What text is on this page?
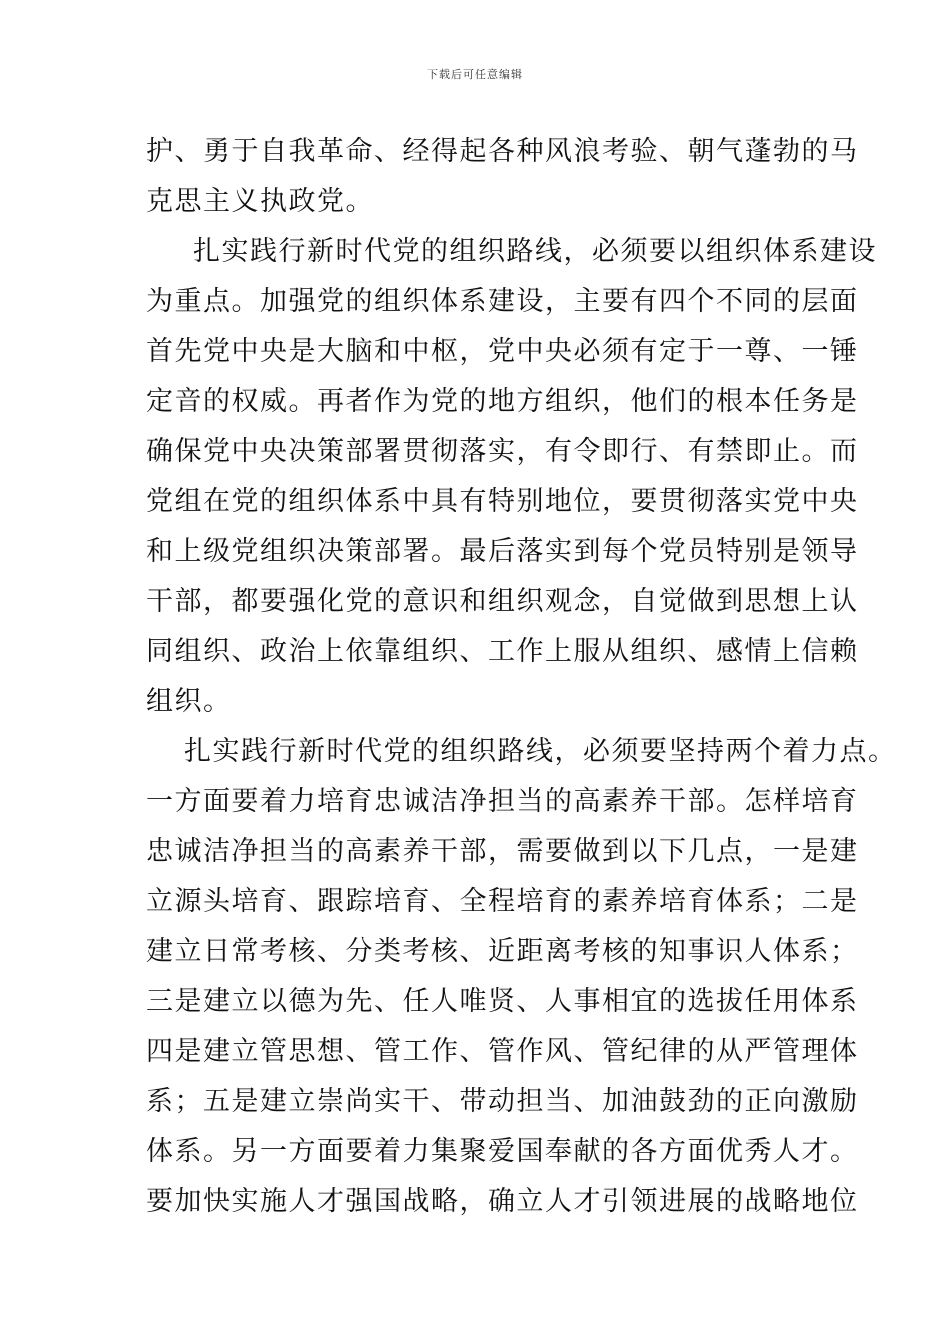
下载后可任意编辑
护、勇于自我革命、经得起各种风浪考验、朝气蓬勃的马
克思主义执政党。
扎实践行新时代党的组织路线，必须要以组织体系建设
为重点。加强党的组织体系建设，主要有四个不同的层面
首先党中央是大脑和中枢，党中央必须有定于一尊、一锤
定音的权威。再者作为党的地方组织，他们的根本任务是
确保党中央决策部署贯彻落实，有令即行、有禁即止。而
党组在党的组织体系中具有特别地位，要贯彻落实党中央
和上级党组织决策部署。最后落实到每个党员特别是领导
干部，都要强化党的意识和组织观念，自觉做到思想上认
同组织、政治上依靠组织、工作上服从组织、感情上信赖
组织。
扎实践行新时代党的组织路线，必须要坚持两个着力点。
一方面要着力培育忠诚洁净担当的高素养干部。怎样培育
忠诚洁净担当的高素养干部，需要做到以下几点，一是建
立源头培育、跟踪培育、全程培育的素养培育体系；二是
建立日常考核、分类考核、近距离考核的知事识人体系；
三是建立以德为先、任人唯贤、人事相宜的选拔任用体系
四是建立管思想、管工作、管作风、管纪律的从严管理体
系；五是建立崇尚实干、带动担当、加油鼓劲的正向激励
体系。另一方面要着力集聚爱国奉献的各方面优秀人才。
要加快实施人才强国战略，确立人才引领进展的战略地位
